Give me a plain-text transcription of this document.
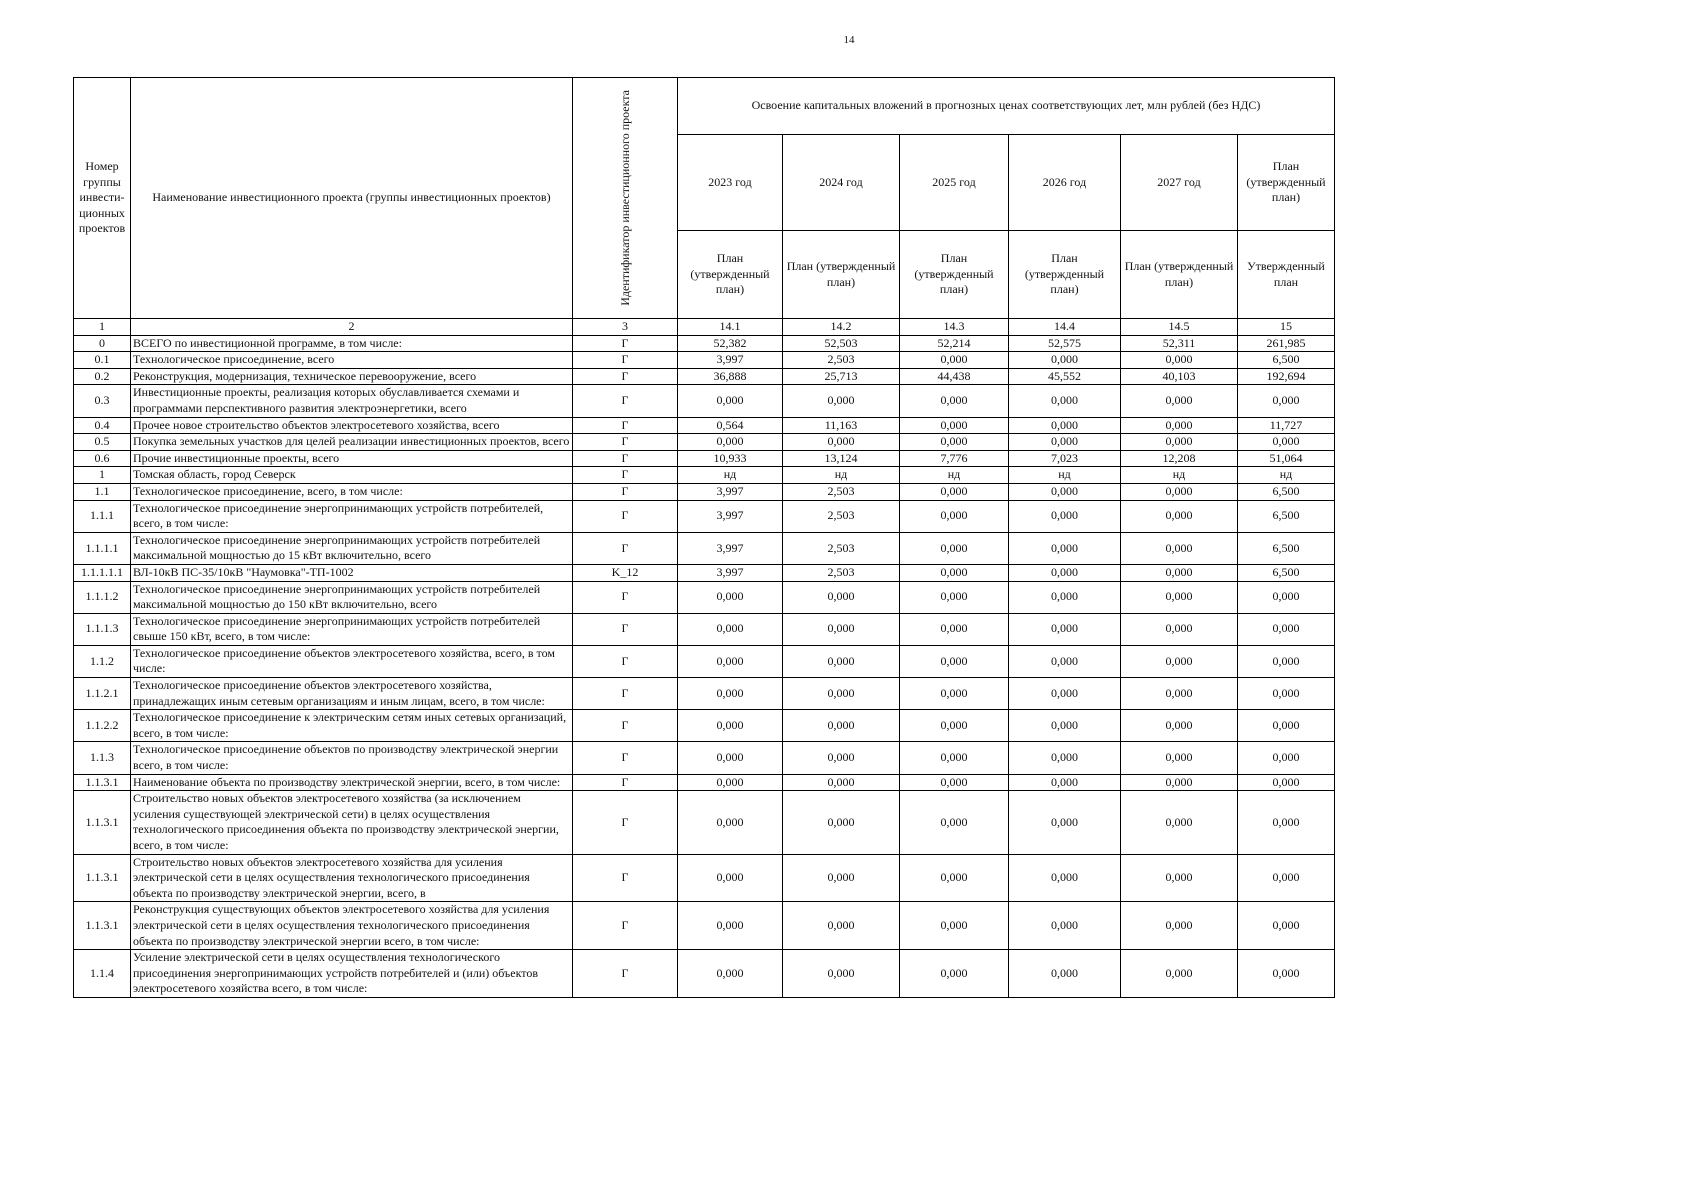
14
Номер группы инвести-ционных проектов	Наименование инвестиционного проекта (группы инвестиционных проектов)	Идентификатор инвестиционного проекта	Освоение капитальных вложений в прогнозных ценах соответствующих лет, млн рублей (без НДС)					
			2023 год	2024 год	2025 год	2026 год	2027 год	План (утвержденный план)
			План (утвержденный план)	План (утвержденный план)	План (утвержденный план)	План (утвержденный план)	План (утвержденный план)	Утвержденный план
1	2	3	14.1	14.2	14.3	14.4	14.5	15
0	ВСЕГО по инвестиционной программе, в том числе:	Г	52,382	52,503	52,214	52,575	52,311	261,985
0.1	Технологическое присоединение, всего	Г	3,997	2,503	0,000	0,000	0,000	6,500
0.2	Реконструкция, модернизация, техническое перевооружение, всего	Г	36,888	25,713	44,438	45,552	40,103	192,694
0.3	Инвестиционные проекты, реализация которых обуславливается схемами и программами перспективного развития электроэнергетики, всего	Г	0,000	0,000	0,000	0,000	0,000	0,000
0.4	Прочее новое строительство объектов электросетевого хозяйства, всего	Г	0,564	11,163	0,000	0,000	0,000	11,727
0.5	Покупка земельных участков для целей реализации инвестиционных проектов, всего	Г	0,000	0,000	0,000	0,000	0,000	0,000
0.6	Прочие инвестиционные проекты, всего	Г	10,933	13,124	7,776	7,023	12,208	51,064
1	Томская область, город Северск	Г	нд	нд	нд	нд	нд	нд
1.1	Технологическое присоединение, всего, в том числе:	Г	3,997	2,503	0,000	0,000	0,000	6,500
1.1.1	Технологическое присоединение энергопринимающих устройств потребителей, всего, в том числе:	Г	3,997	2,503	0,000	0,000	0,000	6,500
1.1.1.1	Технологическое присоединение энергопринимающих устройств потребителей максимальной мощностью до 15 кВт включительно, всего	Г	3,997	2,503	0,000	0,000	0,000	6,500
1.1.1.1.1	ВЛ-10кВ ПС-35/10кВ "Наумовка"-ТП-1002	K_12	3,997	2,503	0,000	0,000	0,000	6,500
1.1.1.2	Технологическое присоединение энергопринимающих устройств потребителей максимальной мощностью до 150 кВт включительно, всего	Г	0,000	0,000	0,000	0,000	0,000	0,000
1.1.1.3	Технологическое присоединение энергопринимающих устройств потребителей свыше 150 кВт, всего, в том числе:	Г	0,000	0,000	0,000	0,000	0,000	0,000
1.1.2	Технологическое присоединение объектов электросетевого хозяйства, всего, в том числе:	Г	0,000	0,000	0,000	0,000	0,000	0,000
1.1.2.1	Технологическое присоединение объектов электросетевого хозяйства, принадлежащих иным сетевым организациям и иным лицам, всего, в том числе:	Г	0,000	0,000	0,000	0,000	0,000	0,000
1.1.2.2	Технологическое присоединение к электрическим сетям иных сетевых организаций, всего, в том числе:	Г	0,000	0,000	0,000	0,000	0,000	0,000
1.1.3	Технологическое присоединение объектов по производству электрической энергии всего, в том числе:	Г	0,000	0,000	0,000	0,000	0,000	0,000
1.1.3.1	Наименование объекта по производству электрической энергии, всего, в том числе:	Г	0,000	0,000	0,000	0,000	0,000	0,000
1.1.3.1	Строительство новых объектов электросетевого хозяйства (за исключением усиления существующей электрической сети) в целях осуществления технологического присоединения объекта по производству электрической энергии, всего, в том числе:	Г	0,000	0,000	0,000	0,000	0,000	0,000
1.1.3.1	Строительство новых объектов электросетевого хозяйства для усиления электрической сети в целях осуществления технологического присоединения объекта по производству электрической энергии, всего, в	Г	0,000	0,000	0,000	0,000	0,000	0,000
1.1.3.1	Реконструкция существующих объектов электросетевого хозяйства для усиления электрической сети в целях осуществления технологического присоединения объекта по производству электрической энергии всего, в том числе:	Г	0,000	0,000	0,000	0,000	0,000	0,000
1.1.4	Усиление электрической сети в целях осуществления технологического присоединения энергопринимающих устройств потребителей и (или) объектов электросетевого хозяйства всего, в том числе:	Г	0,000	0,000	0,000	0,000	0,000	0,000
